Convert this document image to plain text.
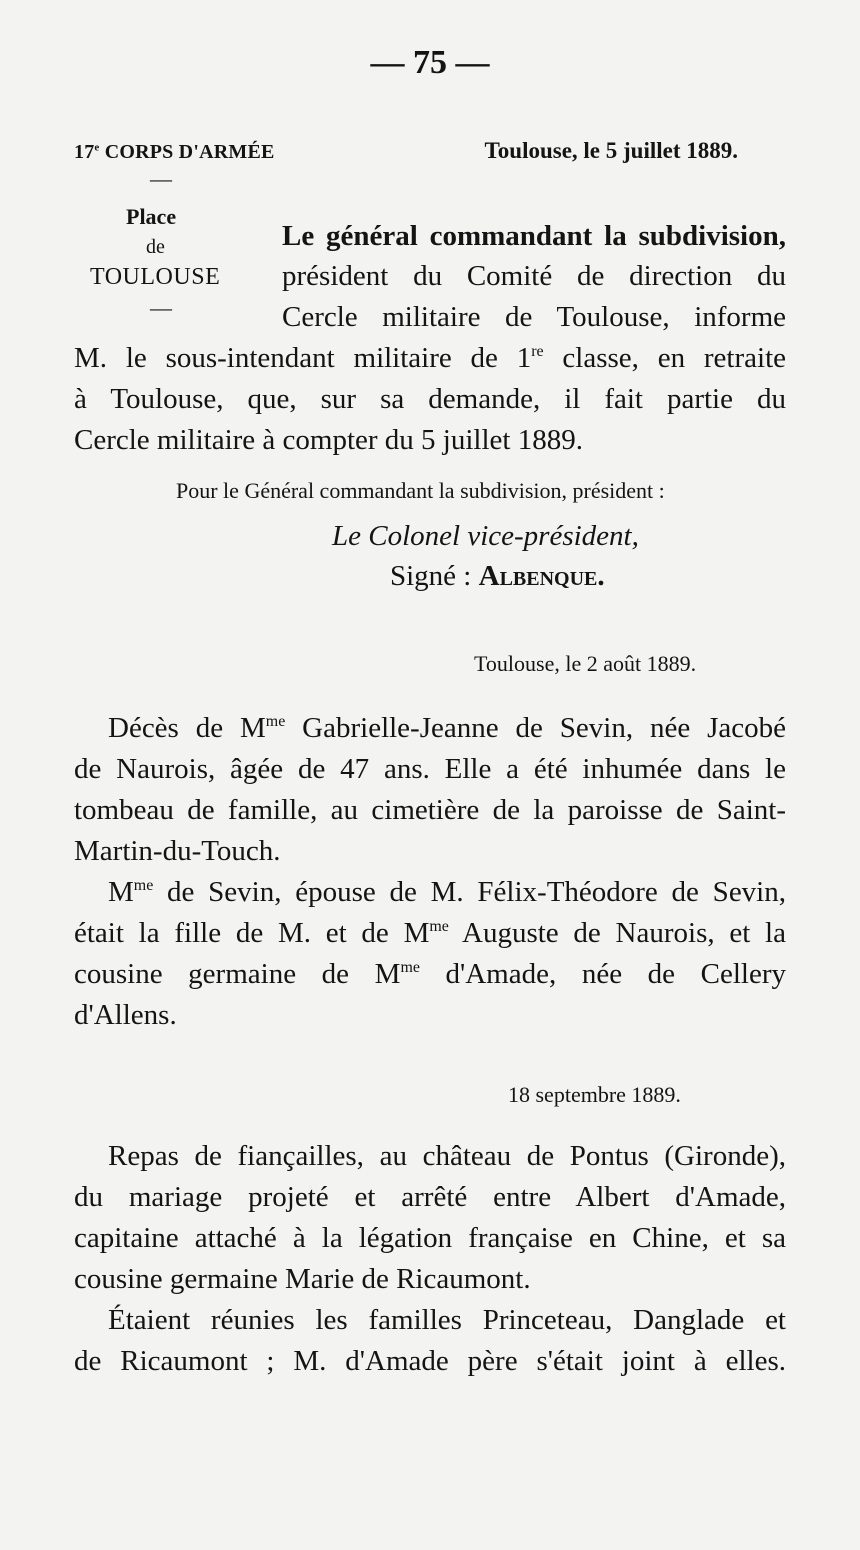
— 75 —
17e CORPS D'ARMÉE	Toulouse, le 5 juillet 1889.
—
Place
de
TOULOUSE
—
Le général commandant la subdivision,
président du Comité de direction du
Cercle militaire de Toulouse, informe
M. le sous-intendant militaire de 1re classe, en retraite
à Toulouse, que, sur sa demande, il fait partie du
Cercle militaire à compter du 5 juillet 1889.
Pour le Général commandant la subdivision, président :
Le Colonel vice-président,
Signé : Albenque.
Toulouse, le 2 août 1889.
Décès de $M^{me}$ Gabrielle-Jeanne de Sevin, née Jacobé
de Naurois, âgée de 47 ans. Elle a été inhumée dans le
tombeau de famille, au cimetière de la paroisse de Saint-
Martin-du-Touch.
$M^{me}$ de Sevin, épouse de M. Félix-Théodore de Sevin,
était la fille de M. et de $M^{me}$ Auguste de Naurois, et la
cousine germaine de $M^{me}$ d'Amade, née de Cellery
d'Allens.
18 septembre 1889.
Repas de fiançailles, au château de Pontus (Gironde),
du mariage projeté et arrêté entre Albert d'Amade,
capitaine attaché à la légation française en Chine, et sa
cousine germaine Marie de Ricaumont.
Étaient réunies les familles Princeteau, Danglade et
de Ricaumont ; M. d'Amade père s'était joint à elles.
